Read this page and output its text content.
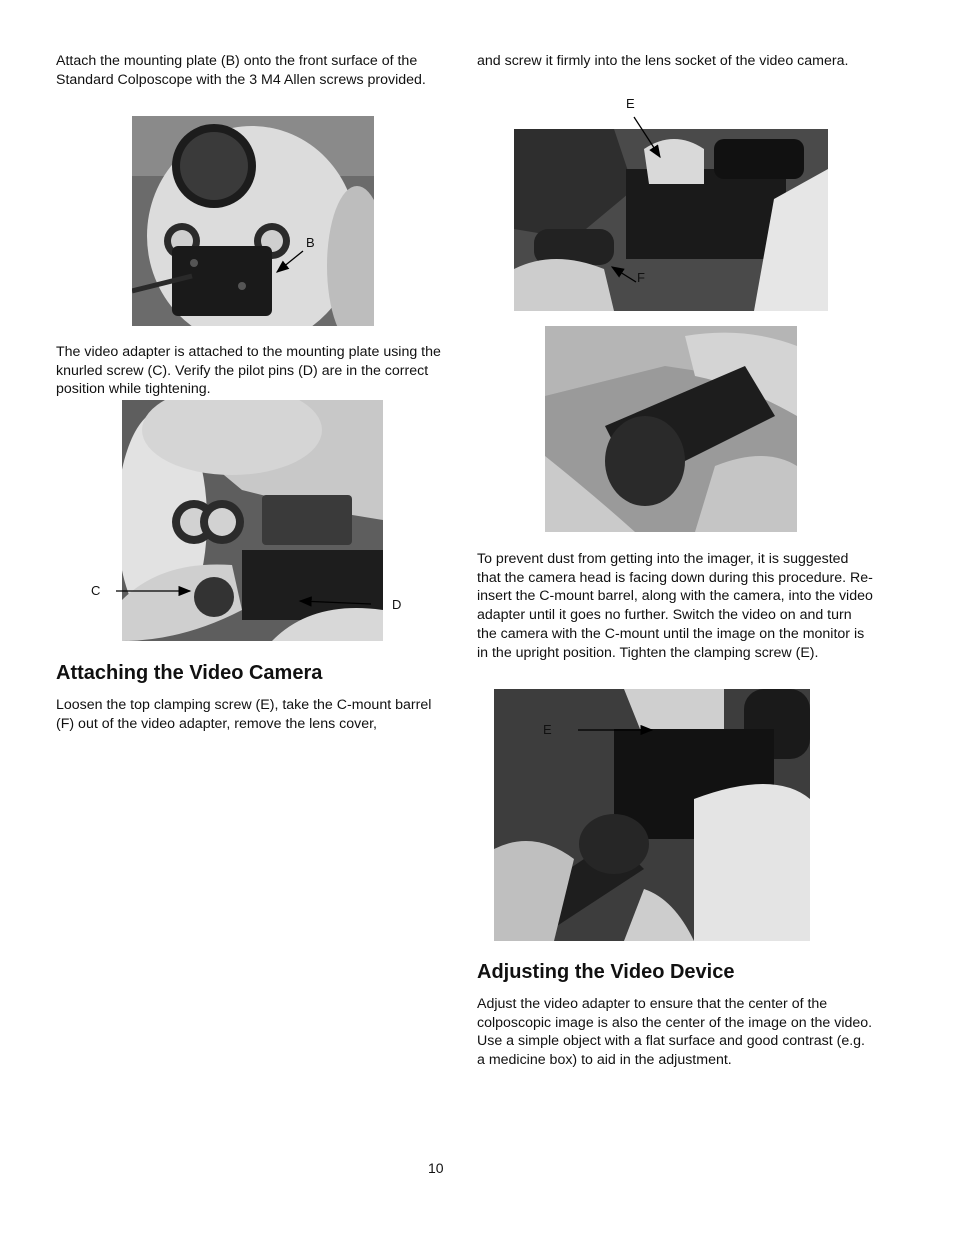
Attach the mounting plate (B) onto the front surface of the Standard Colposcope with the 3 M4 Allen screws provided.

The video adapter is attached to the mounting plate using the knurled screw (C). Verify the pilot pins (D) are in the correct position while tightening.

C
D
B
Attaching the Video Camera

Loosen the top clamping screw (E), take the C-mount barrel (F) out of the video adapter, remove the lens cover,

and screw it firmly into the lens socket of the video camera.

E
F

To prevent dust from getting into the imager, it is suggested that the camera head is facing down during this procedure. Re-insert the C-mount barrel, along with the camera, into the video adapter until it goes no further. Switch the video on and turn the camera with the C-mount until the image on the monitor is in the upright position. Tighten the clamping screw (E).

E
Adjusting the Video Device

Adjust the video adapter to ensure that the center of the colposcopic image is also the center of the image on the video. Use a simple object with a flat surface and good contrast (e.g. a medicine box) to aid in the adjustment.

10
